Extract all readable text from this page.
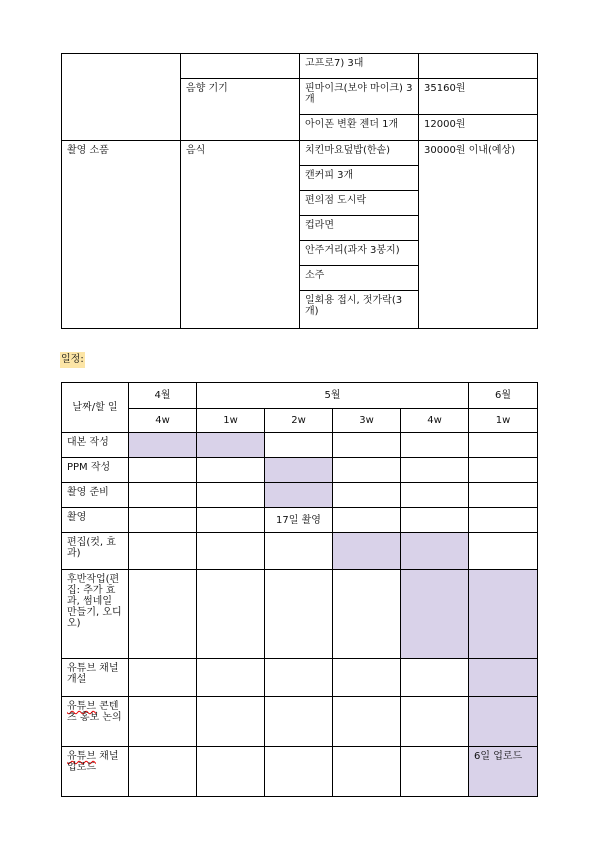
		고프로7) 3대	
	음향 기기	핀마이크(보야 마이크) 3개	35160원
		아이폰 변환 젠더 1개	12000원
촬영 소품	음식	치킨마요덮밥(한솥)	30000원 이내(예상)
		캔커피 3개	
		편의점 도시락	
		컵라면	
		안주거리(과자 3봉지)	
		소주	
		일회용 접시, 젓가락(3개)	
일정:
날짜/할 일	4월	5월				6월
	4w	1w	2w	3w	4w	1w
대본 작성						
PPM 작성						
촬영 준비						
촬영			17일 촬영			
편집(컷, 효과)						
후반작업(편집: 추가 효과, 썸네일 만들기, 오디오)						
유튜브 채널 개설						
유튜브 콘텐츠 홍보 논의						
유튜브 채널 업로드						6일 업로드
